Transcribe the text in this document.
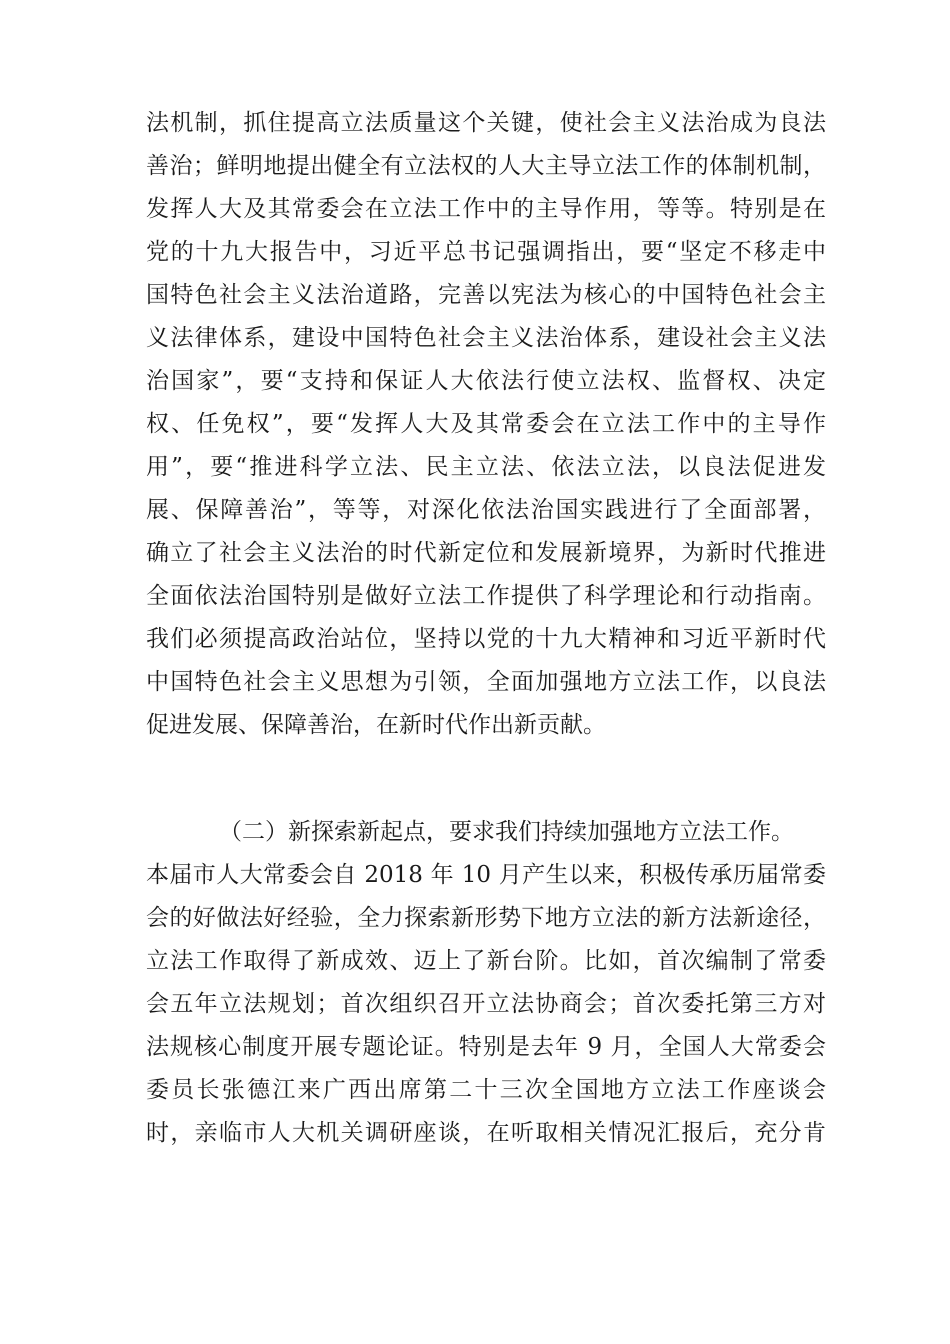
法机制，抓住提高立法质量这个关键，使社会主义法治成为良法
善治；鲜明地提出健全有立法权的人大主导立法工作的体制机制，
发挥人大及其常委会在立法工作中的主导作用，等等。特别是在
党的十九大报告中，习近平总书记强调指出，要“坚定不移走中
国特色社会主义法治道路，完善以宪法为核心的中国特色社会主
义法律体系，建设中国特色社会主义法治体系，建设社会主义法
治国家”，要“支持和保证人大依法行使立法权、监督权、决定
权、任免权”，要“发挥人大及其常委会在立法工作中的主导作
用”，要“推进科学立法、民主立法、依法立法，以良法促进发
展、保障善治”，等等，对深化依法治国实践进行了全面部署，
确立了社会主义法治的时代新定位和发展新境界，为新时代推进
全面依法治国特别是做好立法工作提供了科学理论和行动指南。
我们必须提高政治站位，坚持以党的十九大精神和习近平新时代
中国特色社会主义思想为引领，全面加强地方立法工作，以良法
促进发展、保障善治，在新时代作出新贡献。
（二）新探索新起点，要求我们持续加强地方立法工作。
本届市人大常委会自 2018 年 10 月产生以来，积极传承历届常委
会的好做法好经验，全力探索新形势下地方立法的新方法新途径，
立法工作取得了新成效、迈上了新台阶。比如，首次编制了常委
会五年立法规划；首次组织召开立法协商会；首次委托第三方对
法规核心制度开展专题论证。特别是去年 9 月，全国人大常委会
委员长张德江来广西出席第二十三次全国地方立法工作座谈会
时，亲临市人大机关调研座谈，在听取相关情况汇报后，充分肯
